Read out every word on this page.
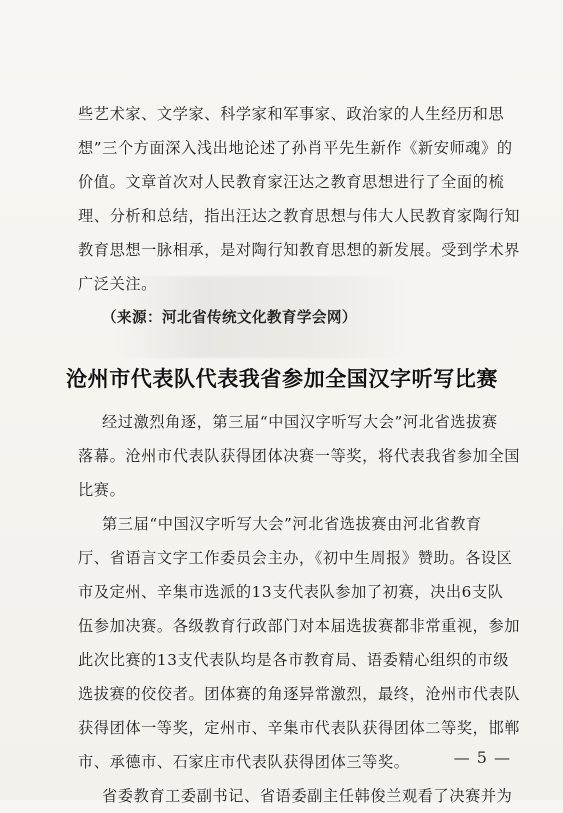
些艺术家、文学家、科学家和军事家、政治家的人生经历和思
想”三个方面深入浅出地论述了孙肖平先生新作《新安师魂》的
价值。文章首次对人民教育家汪达之教育思想进行了全面的梳
理、分析和总结，指出汪达之教育思想与伟大人民教育家陶行知
教育思想一脉相承，是对陶行知教育思想的新发展。受到学术界
广泛关注。
（来源：河北省传统文化教育学会网）
沧州市代表队代表我省参加全国汉字听写比赛
经过激烈角逐，第三届“中国汉字听写大会”河北省选拔赛
落幕。沧州市代表队获得团体决赛一等奖，将代表我省参加全国
比赛。
第三届“中国汉字听写大会”河北省选拔赛由河北省教育
厅、省语言文字工作委员会主办，《初中生周报》赞助。各设区
市及定州、辛集市选派的13支代表队参加了初赛，决出6支队
伍参加决赛。各级教育行政部门对本届选拔赛都非常重视，参加
此次比赛的13支代表队均是各市教育局、语委精心组织的市级
选拔赛的佼佼者。团体赛的角逐异常激烈，最终，沧州市代表队
获得团体一等奖，定州市、辛集市代表队获得团体二等奖，邯郸
市、承德市、石家庄市代表队获得团体三等奖。
省委教育工委副书记、省语委副主任韩俊兰观看了决赛并为
— 5 —
